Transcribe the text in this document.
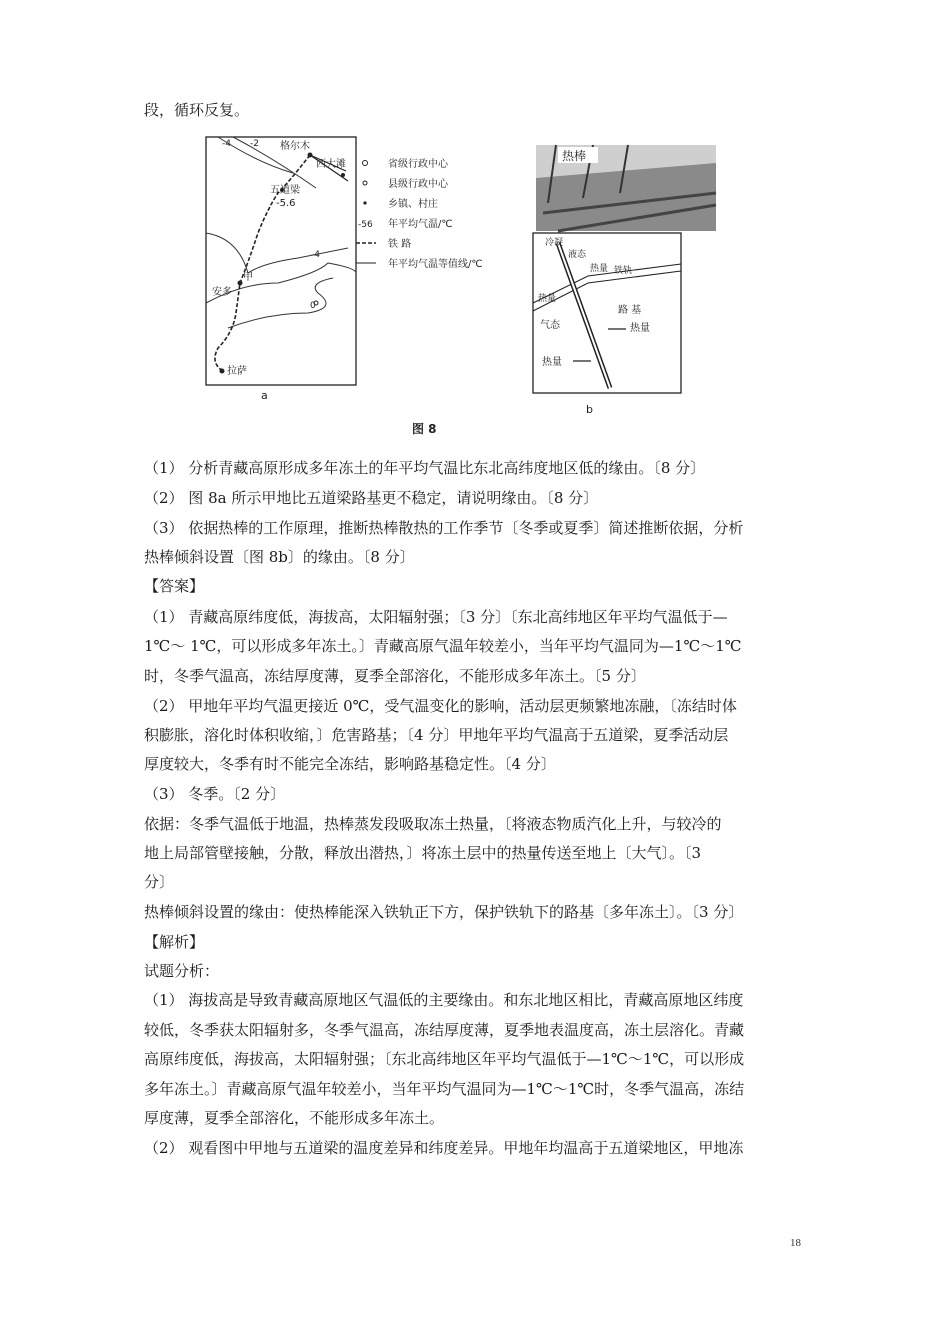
段，循环反复。
-4 -2 格尔木
西大滩
五道梁
-5.6
-4
甲
安多
0
拉萨
省级行政中心
县级行政中心
乡镇、村庄
-56 年平均气温/℃
铁 路
年平均气温等值线/℃
a
热棒
冷凝
液态
热量 铁轨
热量
路 基
气态	热量
热量
b
图 8
（1） 分析青藏高原形成多年冻土的年平均气温比东北高纬度地区低的缘由。〔8 分〕
（2） 图 8a 所示甲地比五道梁路基更不稳定，请说明缘由。〔8 分〕
（3） 依据热棒的工作原理，推断热棒散热的工作季节〔冬季或夏季〕简述推断依据，分析
热棒倾斜设置〔图 8b〕的缘由。〔8 分〕
【答案】
（1） 青藏高原纬度低，海拔高，太阳辐射强；〔3 分〕〔东北高纬地区年平均气温低于—
1℃～ 1℃，可以形成多年冻土。〕青藏高原气温年较差小，当年平均气温同为—1℃～1℃
时，冬季气温高，冻结厚度薄，夏季全部溶化，不能形成多年冻土。〔5 分〕
（2） 甲地年平均气温更接近 0℃，受气温变化的影响，活动层更频繁地冻融，〔冻结时体
积膨胀，溶化时体积收缩，〕危害路基；〔4 分〕甲地年平均气温高于五道梁，夏季活动层
厚度较大，冬季有时不能完全冻结，影响路基稳定性。〔4 分〕
（3） 冬季。〔2 分〕
依据：冬季气温低于地温，热棒蒸发段吸取冻土热量，〔将液态物质汽化上升，与较冷的
地上局部管壁接触，分散，释放出潜热，〕将冻土层中的热量传送至地上〔大气〕。〔3
分〕
热棒倾斜设置的缘由：使热棒能深入铁轨正下方，保护铁轨下的路基〔多年冻土〕。〔3 分〕
【解析】
试题分析：
（1） 海拔高是导致青藏高原地区气温低的主要缘由。和东北地区相比，青藏高原地区纬度
较低，冬季获太阳辐射多，冬季气温高，冻结厚度薄，夏季地表温度高，冻土层溶化。青藏
高原纬度低，海拔高，太阳辐射强；〔东北高纬地区年平均气温低于—1℃～1℃，可以形成
多年冻土。〕青藏高原气温年较差小，当年平均气温同为—1℃～1℃时，冬季气温高，冻结
厚度薄，夏季全部溶化，不能形成多年冻土。
（2） 观看图中甲地与五道梁的温度差异和纬度差异。甲地年均温高于五道梁地区，甲地冻
18
